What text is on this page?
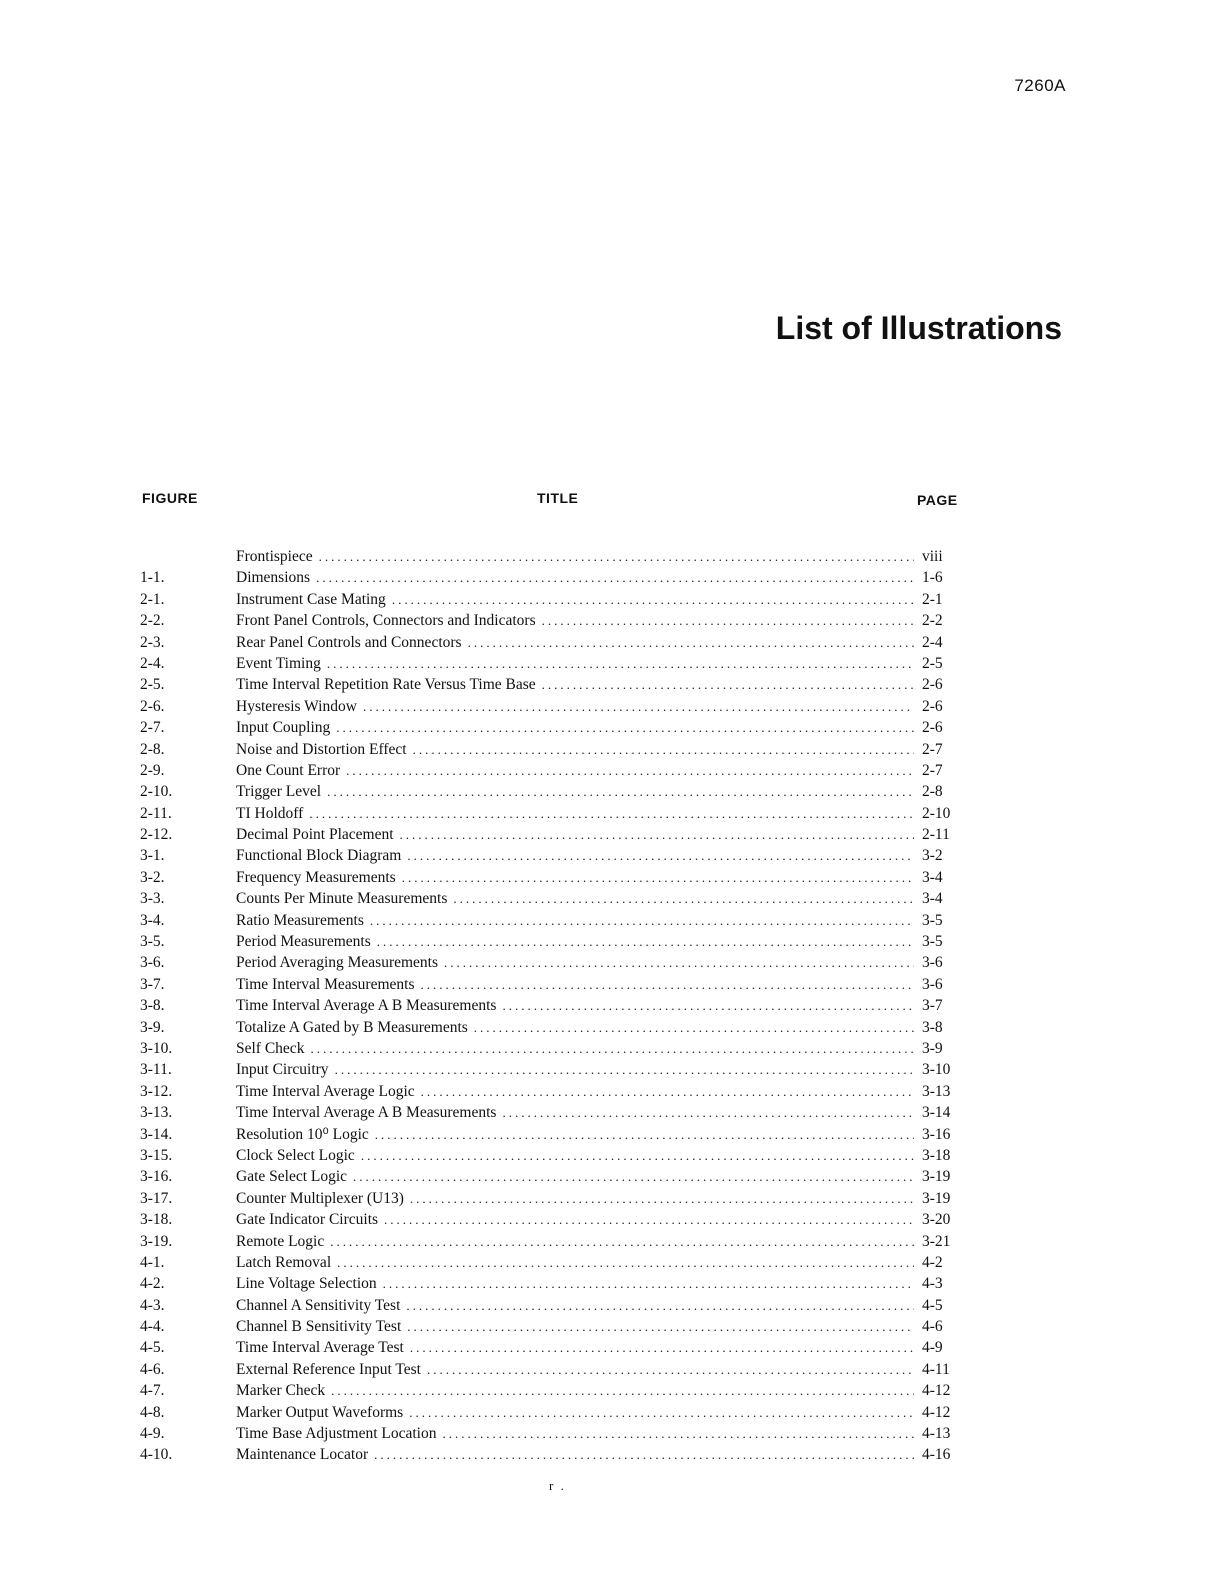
7260A
List of Illustrations
FIGURE	TITLE	PAGE
Frontispiece .....	viii
1-1.	Dimensions .....	1-6
2-1.	Instrument Case Mating .....	2-1
2-2.	Front Panel Controls, Connectors and Indicators .....	2-2
2-3.	Rear Panel Controls and Connectors .....	2-4
2-4.	Event Timing .....	2-5
2-5.	Time Interval Repetition Rate Versus Time Base .....	2-6
2-6.	Hysteresis Window .....	2-6
2-7.	Input Coupling .....	2-6
2-8.	Noise and Distortion Effect .....	2-7
2-9.	One Count Error .....	2-7
2-10.	Trigger Level .....	2-8
2-11.	TI Holdoff .....	2-10
2-12.	Decimal Point Placement .....	2-11
3-1.	Functional Block Diagram .....	3-2
3-2.	Frequency Measurements .....	3-4
3-3.	Counts Per Minute Measurements .....	3-4
3-4.	Ratio Measurements .....	3-5
3-5.	Period Measurements .....	3-5
3-6.	Period Averaging Measurements .....	3-6
3-7.	Time Interval Measurements .....	3-6
3-8.	Time Interval Average A B Measurements .....	3-7
3-9.	Totalize A Gated by B Measurements .....	3-8
3-10.	Self Check .....	3-9
3-11.	Input Circuitry .....	3-10
3-12.	Time Interval Average Logic .....	3-13
3-13.	Time Interval Average A B Measurements .....	3-14
3-14.	Resolution 10⁰ Logic .....	3-16
3-15.	Clock Select Logic .....	3-18
3-16.	Gate Select Logic .....	3-19
3-17.	Counter Multiplexer (U13) .....	3-19
3-18.	Gate Indicator Circuits .....	3-20
3-19.	Remote Logic .....	3-21
4-1.	Latch Removal .....	4-2
4-2.	Line Voltage Selection .....	4-3
4-3.	Channel A Sensitivity Test .....	4-5
4-4.	Channel B Sensitivity Test .....	4-6
4-5.	Time Interval Average Test .....	4-9
4-6.	External Reference Input Test .....	4-11
4-7.	Marker Check .....	4-12
4-8.	Marker Output Waveforms .....	4-12
4-9.	Time Base Adjustment Location .....	4-13
4-10.	Maintenance Locator .....	4-16
r .
